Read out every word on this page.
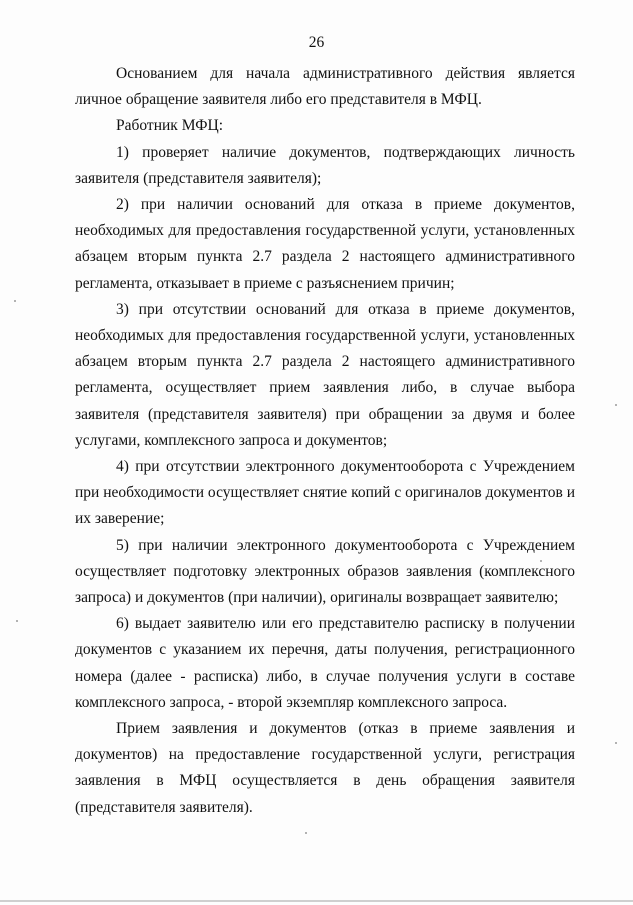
26

Основанием для начала административного действия является личное обращение заявителя либо его представителя в МФЦ.

Работник МФЦ:

1) проверяет наличие документов, подтверждающих личность заявителя (представителя заявителя);

2) при наличии оснований для отказа в приеме документов, необходимых для предоставления государственной услуги, установленных абзацем вторым пункта 2.7 раздела 2 настоящего административного регламента, отказывает в приеме с разъяснением причин;

3) при отсутствии оснований для отказа в приеме документов, необходимых для предоставления государственной услуги, установленных абзацем вторым пункта 2.7 раздела 2 настоящего административного регламента, осуществляет прием заявления либо, в случае выбора заявителя (представителя заявителя) при обращении за двумя и более услугами, комплексного запроса и документов;

4) при отсутствии электронного документооборота с Учреждением при необходимости осуществляет снятие копий с оригиналов документов и их заверение;

5) при наличии электронного документооборота с Учреждением осуществляет подготовку электронных образов заявления (комплексного запроса) и документов (при наличии), оригиналы возвращает заявителю;

6) выдает заявителю или его представителю расписку в получении документов с указанием их перечня, даты получения, регистрационного номера (далее - расписка) либо, в случае получения услуги в составе комплексного запроса, - второй экземпляр комплексного запроса.

Прием заявления и документов (отказ в приеме заявления и документов) на предоставление государственной услуги, регистрация заявления в МФЦ осуществляется в день обращения заявителя (представителя заявителя).
